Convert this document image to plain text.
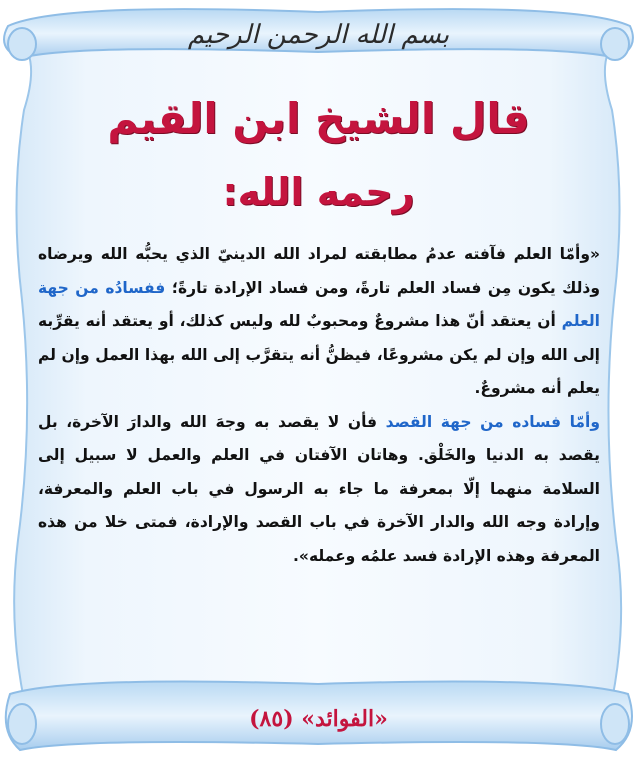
بسم الله الرحمن الرحيم
قال الشيخ ابن القيم
رحمه الله:

«وأمّا العلم فآفته عدمُ مطابقته لمراد الله الدينيّ الذي يحبُّه الله ويرضاه وذلك يكون مِن فساد العلم تارةً، ومن فساد الإرادة تارةً؛ ففسادُه من جهة العلم أن يعتقد أنّ هذا مشروعٌ ومحبوبٌ لله وليس كذلك، أو يعتقد أنه يقرِّبه إلى الله وإن لم يكن مشروعًا، فيظنُّ أنه يتقرَّب إلى الله بهذا العمل وإن لم يعلم أنه مشروعٌ.

وأمّا فساده من جهة القصد فأن لا يقصد به وجهَ الله والدارَ الآخرة، بل يقصد به الدنيا والخَلْق. وهاتان الآفتان في العلم والعمل لا سبيل إلى السلامة منهما إلّا بمعرفة ما جاء به الرسول في باب العلم والمعرفة، وإرادة وجه الله والدار الآخرة في باب القصد والإرادة، فمتى خلا من هذه المعرفة وهذه الإرادة فسد علمُه وعمله».

«الفوائد» (٨٥)
